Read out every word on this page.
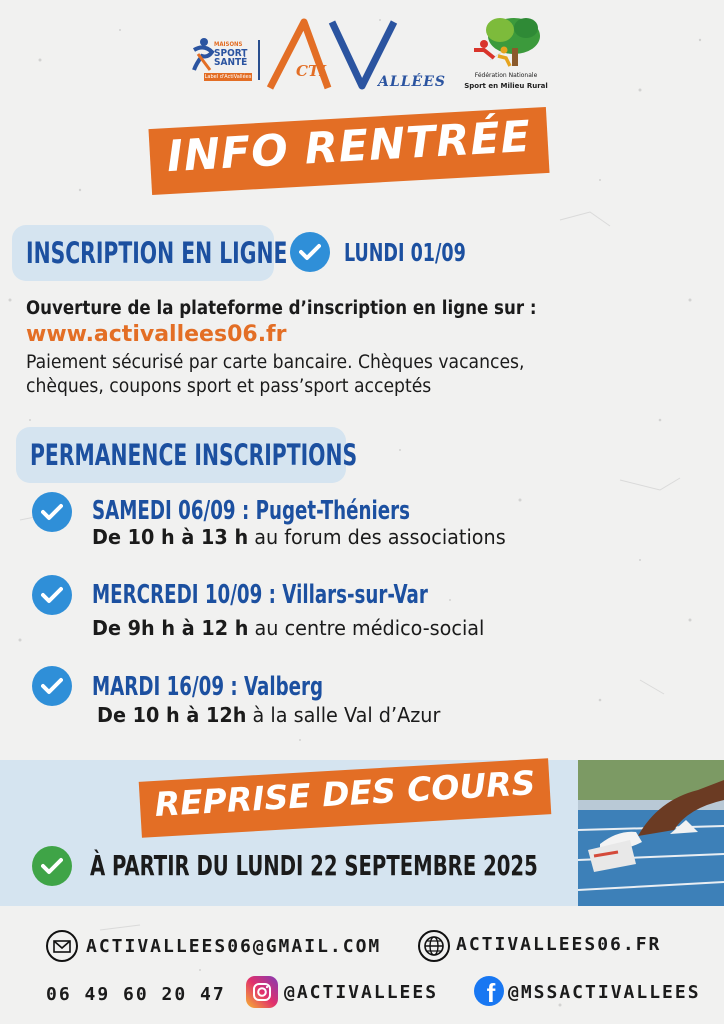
MAISONS
SPORT
SANTÉ
Label d'ActiVallées	CTI
ALLÉES	Fédération Nationale
Sport en Milieu Rural
INFO RENTRÉE
INSCRIPTION EN LIGNE LUNDI 01/09
Ouverture de la plateforme d’inscription en ligne sur :
www.activallees06.fr
Paiement sécurisé par carte bancaire. Chèques vacances,
chèques, coupons sport et pass’sport acceptés
PERMANENCE INSCRIPTIONS
SAMEDI 06/09 : Puget-Théniers
De 10 h à 13 h au forum des associations
MERCREDI 10/09 : Villars-sur-Var
De 9h h à 12 h au centre médico-social
MARDI 16/09 : Valberg
De 10 h à 12h à la salle Val d’Azur
REPRISE DES COURS
À PARTIR DU LUNDI 22 SEPTEMBRE 2025
ACTIVALLEES06@GMAIL.COM	ACTIVALLEES06.FR
06 49 60 20 47	@ACTIVALLEES f @MSSACTIVALLEES
